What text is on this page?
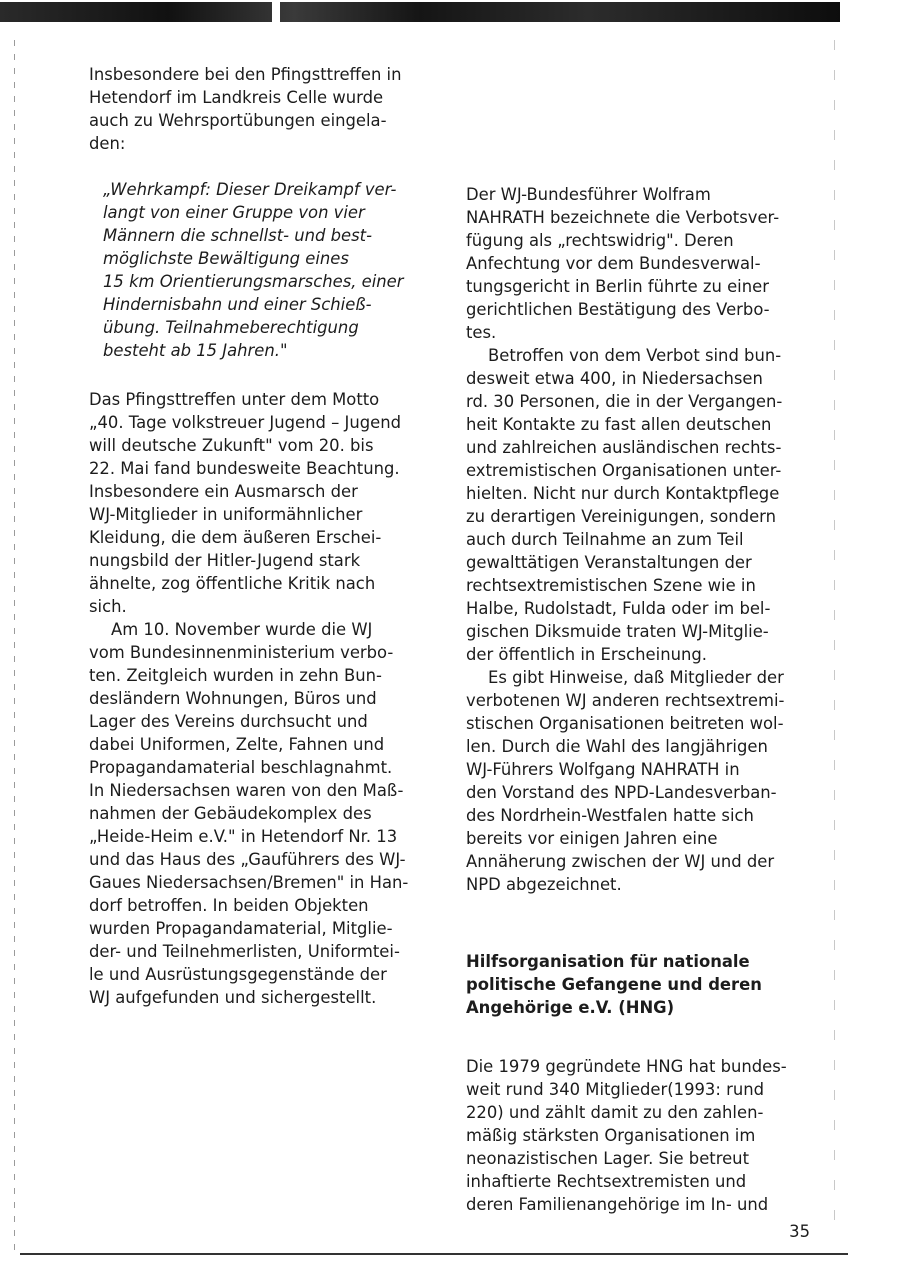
Insbesondere bei den Pfingsttreffen in
Hetendorf im Landkreis Celle wurde
auch zu Wehrsportübungen eingela-
den:

„Wehrkampf: Dieser Dreikampf ver-
langt von einer Gruppe von vier
Männern die schnellst- und best-
möglichste Bewältigung eines
15 km Orientierungsmarsches, einer
Hindernisbahn und einer Schieß-
übung. Teilnahmeberechtigung
besteht ab 15 Jahren."

Das Pfingsttreffen unter dem Motto
„40. Tage volkstreuer Jugend – Jugend
will deutsche Zukunft" vom 20. bis
22. Mai fand bundesweite Beachtung.
Insbesondere ein Ausmarsch der
WJ-Mitglieder in uniformähnlicher
Kleidung, die dem äußeren Erschei-
nungsbild der Hitler-Jugend stark
ähnelte, zog öffentliche Kritik nach
sich.

Am 10. November wurde die WJ
vom Bundesinnenministerium verbo-
ten. Zeitgleich wurden in zehn Bun-
desländern Wohnungen, Büros und
Lager des Vereins durchsucht und
dabei Uniformen, Zelte, Fahnen und
Propagandamaterial beschlagnahmt.
In Niedersachsen waren von den Maß-
nahmen der Gebäudekomplex des
„Heide-Heim e.V." in Hetendorf Nr. 13
und das Haus des „Gauführers des WJ-
Gaues Niedersachsen/Bremen" in Han-
dorf betroffen. In beiden Objekten
wurden Propagandamaterial, Mitglie-
der- und Teilnehmerlisten, Uniformtei-
le und Ausrüstungsgegenstände der
WJ aufgefunden und sichergestellt.

Der WJ-Bundesführer Wolfram
NAHRATH bezeichnete die Verbotsver-
fügung als „rechtswidrig". Deren
Anfechtung vor dem Bundesverwal-
tungsgericht in Berlin führte zu einer
gerichtlichen Bestätigung des Verbo-
tes.

Betroffen von dem Verbot sind bun-
desweit etwa 400, in Niedersachsen
rd. 30 Personen, die in der Vergangen-
heit Kontakte zu fast allen deutschen
und zahlreichen ausländischen rechts-
extremistischen Organisationen unter-
hielten. Nicht nur durch Kontaktpflege
zu derartigen Vereinigungen, sondern
auch durch Teilnahme an zum Teil
gewalttätigen Veranstaltungen der
rechtsextremistischen Szene wie in
Halbe, Rudolstadt, Fulda oder im bel-
gischen Diksmuide traten WJ-Mitglie-
der öffentlich in Erscheinung.

Es gibt Hinweise, daß Mitglieder der
verbotenen WJ anderen rechtsextremi-
stischen Organisationen beitreten wol-
len. Durch die Wahl des langjährigen
WJ-Führers Wolfgang NAHRATH in
den Vorstand des NPD-Landesverban-
des Nordrhein-Westfalen hatte sich
bereits vor einigen Jahren eine
Annäherung zwischen der WJ und der
NPD abgezeichnet.

Hilfsorganisation für nationale
politische Gefangene und deren
Angehörige e.V. (HNG)

Die 1979 gegründete HNG hat bundes-
weit rund 340 Mitglieder(1993: rund
220) und zählt damit zu den zahlen-
mäßig stärksten Organisationen im
neonazistischen Lager. Sie betreut
inhaftierte Rechtsextremisten und
deren Familienangehörige im In- und

35
